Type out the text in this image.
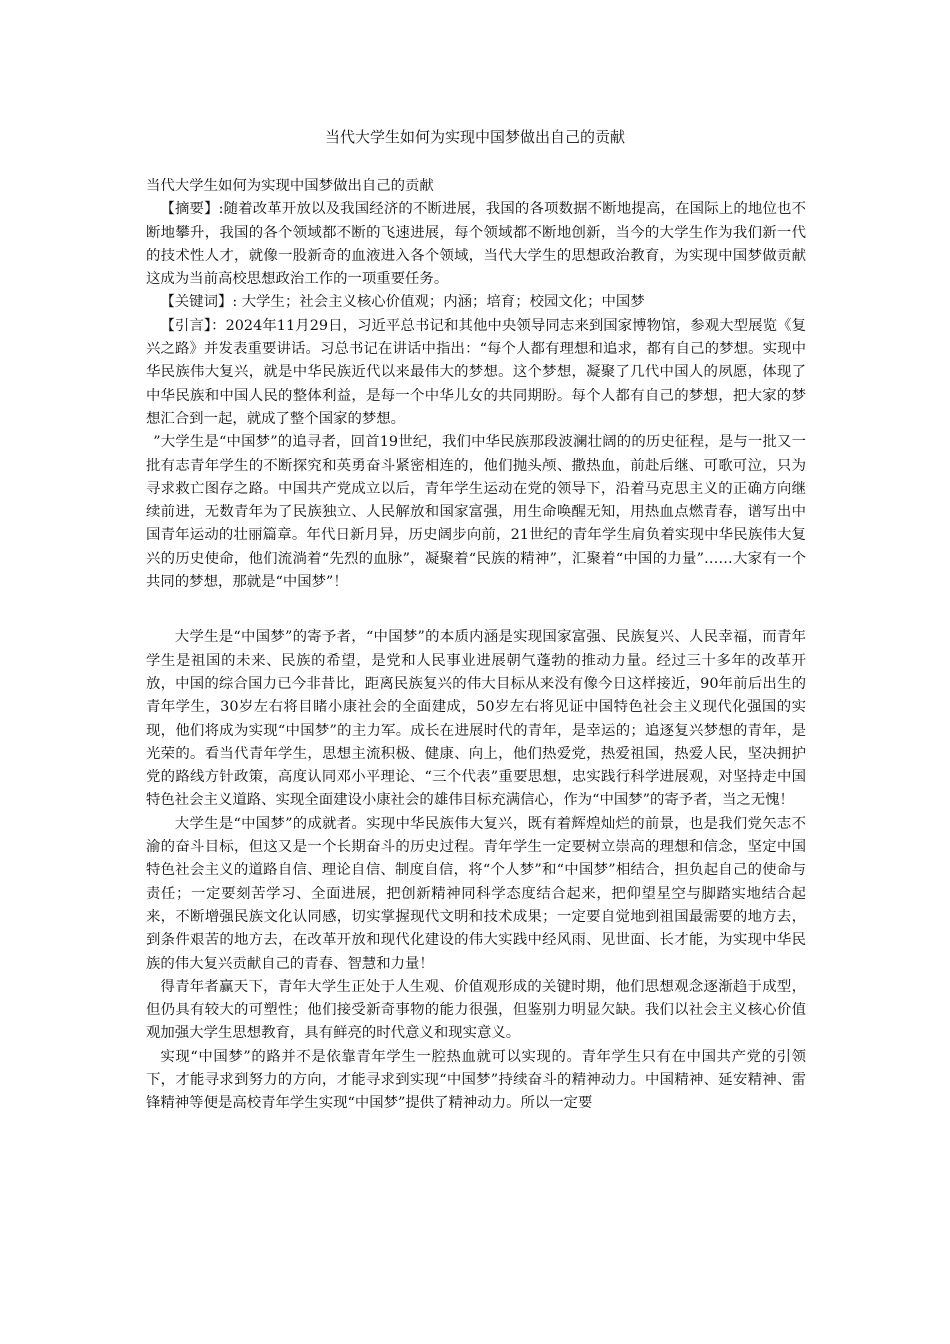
当代大学生如何为实现中国梦做出自己的贡献

当代大学生如何为实现中国梦做出自己的贡献

【摘要】:随着改革开放以及我国经济的不断进展，我国的各项数据不断地提高，在国际上的地位也不断地攀升，我国的各个领域都不断的飞速进展，每个领域都不断地创新，当今的大学生作为我们新一代的技术性人才，就像一股新奇的血液进入各个领域，当代大学生的思想政治教育，为实现中国梦做贡献这成为当前高校思想政治工作的一项重要任务。

【关键词】: 大学生；社会主义核心价值观；内涵；培育；校园文化；中国梦

【引言】：2024年11月29日，习近平总书记和其他中央领导同志来到国家博物馆，参观大型展览《复兴之路》并发表重要讲话。习总书记在讲话中指出：“每个人都有理想和追求，都有自己的梦想。实现中华民族伟大复兴，就是中华民族近代以来最伟大的梦想。这个梦想，凝聚了几代中国人的夙愿，体现了中华民族和中国人民的整体利益，是每一个中华儿女的共同期盼。每个人都有自己的梦想，把大家的梦想汇合到一起，就成了整个国家的梦想。

”大学生是“中国梦”的追寻者，回首19世纪，我们中华民族那段波澜壮阔的的历史征程，是与一批又一批有志青年学生的不断探究和英勇奋斗紧密相连的，他们抛头颅、撒热血，前赴后继、可歌可泣，只为寻求救亡图存之路。中国共产党成立以后，青年学生运动在党的领导下，沿着马克思主义的正确方向继续前进，无数青年为了民族独立、人民解放和国家富强，用生命唤醒无知，用热血点燃青春，谱写出中国青年运动的壮丽篇章。年代日新月异，历史阔步向前，21世纪的青年学生肩负着实现中华民族伟大复兴的历史使命，他们流淌着“先烈的血脉”，凝聚着“民族的精神”，汇聚着“中国的力量”……大家有一个共同的梦想，那就是“中国梦”！

大学生是“中国梦”的寄予者，“中国梦”的本质内涵是实现国家富强、民族复兴、人民幸福，而青年学生是祖国的未来、民族的希望，是党和人民事业进展朝气蓬勃的推动力量。经过三十多年的改革开放，中国的综合国力已今非昔比，距离民族复兴的伟大目标从来没有像今日这样接近，90年前后出生的青年学生，30岁左右将目睹小康社会的全面建成，50岁左右将见证中国特色社会主义现代化强国的实现，他们将成为实现“中国梦”的主力军。成长在进展时代的青年，是幸运的；追逐复兴梦想的青年，是光荣的。看当代青年学生，思想主流积极、健康、向上，他们热爱党，热爱祖国，热爱人民，坚决拥护党的路线方针政策，高度认同邓小平理论、“三个代表”重要思想，忠实践行科学进展观，对坚持走中国特色社会主义道路、实现全面建设小康社会的雄伟目标充满信心，作为“中国梦”的寄予者，当之无愧！

大学生是“中国梦”的成就者。实现中华民族伟大复兴，既有着辉煌灿烂的前景，也是我们党矢志不渝的奋斗目标，但这又是一个长期奋斗的历史过程。青年学生一定要树立崇高的理想和信念，坚定中国特色社会主义的道路自信、理论自信、制度自信，将“个人梦”和“中国梦”相结合，担负起自己的使命与责任；一定要刻苦学习、全面进展，把创新精神同科学态度结合起来，把仰望星空与脚踏实地结合起来，不断增强民族文化认同感，切实掌握现代文明和技术成果；一定要自觉地到祖国最需要的地方去，到条件艰苦的地方去，在改革开放和现代化建设的伟大实践中经风雨、见世面、长才能，为实现中华民族的伟大复兴贡献自己的青春、智慧和力量！

得青年者赢天下，青年大学生正处于人生观、价值观形成的关键时期，他们思想观念逐渐趋于成型，但仍具有较大的可塑性；他们接受新奇事物的能力很强，但鉴别力明显欠缺。我们以社会主义核心价值观加强大学生思想教育，具有鲜亮的时代意义和现实意义。

实现“中国梦”的路并不是依靠青年学生一腔热血就可以实现的。青年学生只有在中国共产党的引领下，才能寻求到努力的方向，才能寻求到实现“中国梦”持续奋斗的精神动力。中国精神、延安精神、雷锋精神等便是高校青年学生实现“中国梦”提供了精神动力。所以一定要
